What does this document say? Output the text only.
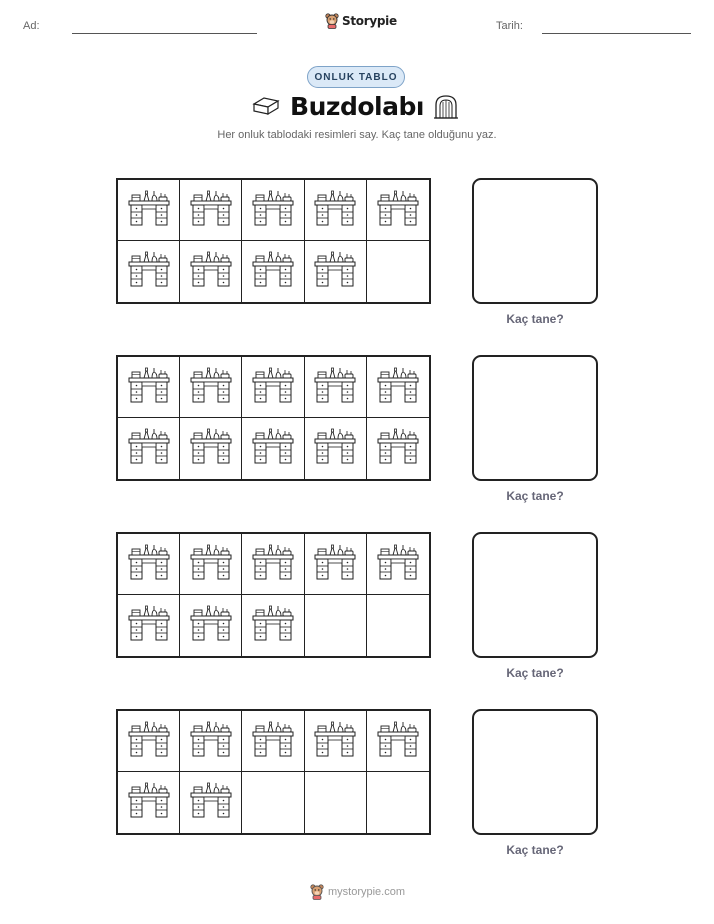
Ad:	Storypie	Tarih:
ONLUK TABLO
Buzdolabı
Her onluk tablodaki resimleri say. Kaç tane olduğunu yaz.
Kaç tane?
Kaç tane?
Kaç tane?
Kaç tane?
mystorypie.com
